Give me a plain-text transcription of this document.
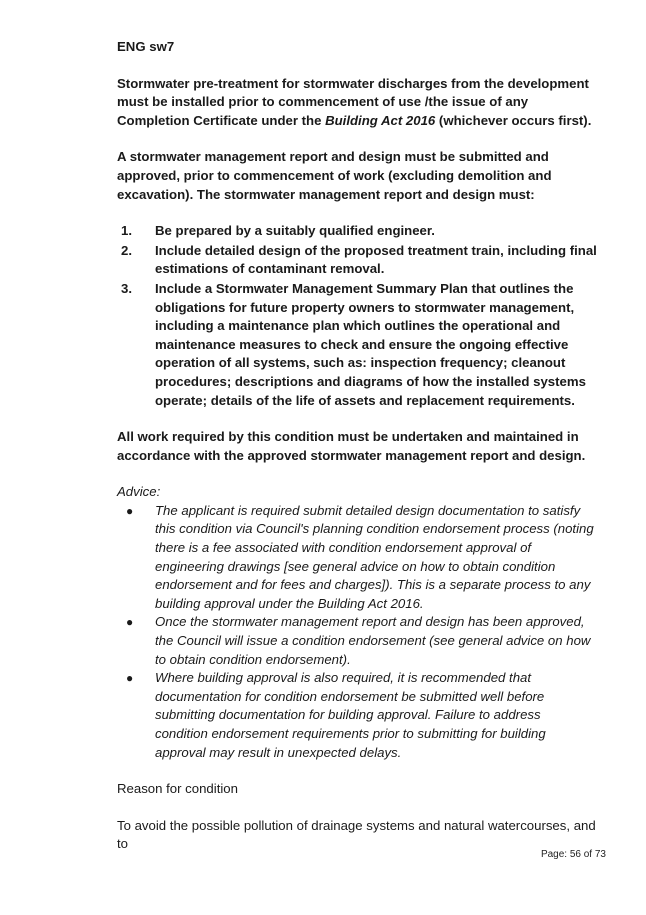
ENG sw7

Stormwater pre-treatment for stormwater discharges from the development must be installed prior to commencement of use /the issue of any Completion Certificate under the Building Act 2016 (whichever occurs first).

A stormwater management report and design must be submitted and approved, prior to commencement of work (excluding demolition and excavation). The stormwater management report and design must:

1. Be prepared by a suitably qualified engineer.
2. Include detailed design of the proposed treatment train, including final estimations of contaminant removal.
3. Include a Stormwater Management Summary Plan that outlines the obligations for future property owners to stormwater management, including a maintenance plan which outlines the operational and maintenance measures to check and ensure the ongoing effective operation of all systems, such as: inspection frequency; cleanout procedures; descriptions and diagrams of how the installed systems operate; details of the life of assets and replacement requirements.

All work required by this condition must be undertaken and maintained in accordance with the approved stormwater management report and design.

Advice:

● The applicant is required submit detailed design documentation to satisfy this condition via Council's planning condition endorsement process (noting there is a fee associated with condition endorsement approval of engineering drawings [see general advice on how to obtain condition endorsement and for fees and charges]). This is a separate process to any building approval under the Building Act 2016.
● Once the stormwater management report and design has been approved, the Council will issue a condition endorsement (see general advice on how to obtain condition endorsement).
● Where building approval is also required, it is recommended that documentation for condition endorsement be submitted well before submitting documentation for building approval. Failure to address condition endorsement requirements prior to submitting for building approval may result in unexpected delays.

Reason for condition

To avoid the possible pollution of drainage systems and natural watercourses, and to

Page: 56 of 73
